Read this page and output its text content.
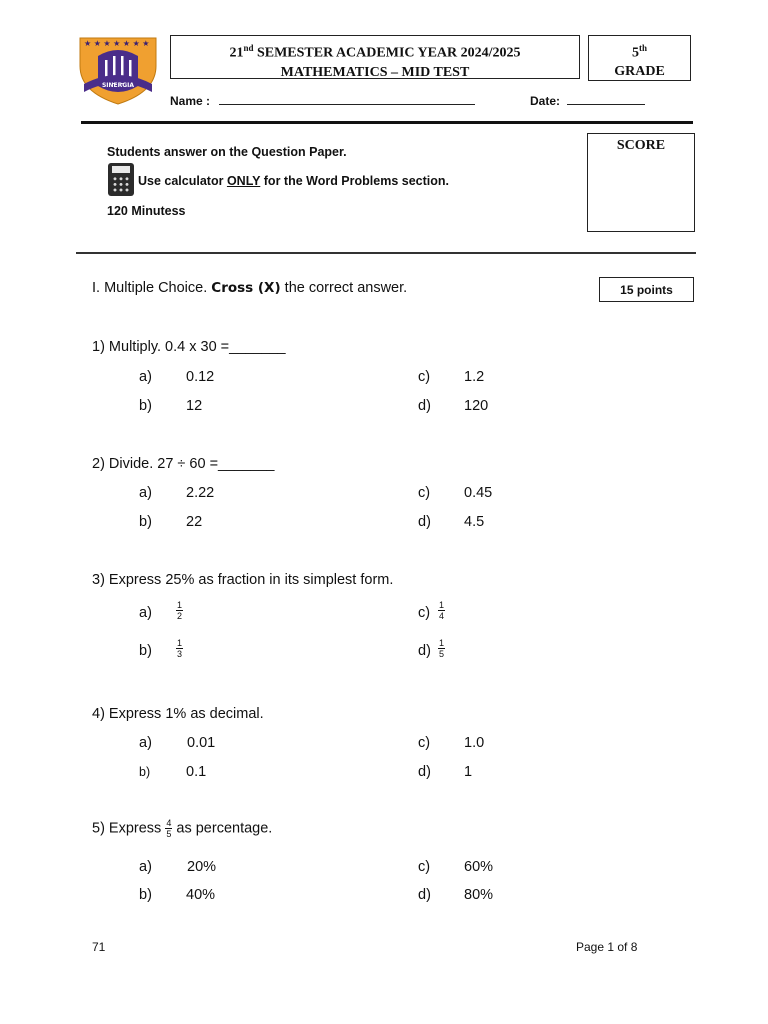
★ ★ ★ ★ ★ ★ ★
SINERGIA
21nd SEMESTER ACADEMIC YEAR 2024/2025
MATHEMATICS – MID TEST
5th
GRADE
Name :	Date:
Students answer on the Question Paper.
Use calculator ONLY for the Word Problems section.
120 Minutess
SCORE
I. Multiple Choice. Cross (X) the correct answer.	15 points
1) Multiply. 0.4 x 30 =_______
a) 0.12	c) 1.2
b) 12	d) 120
2) Divide. 27 ÷ 60 =_______
a) 2.22	c) 0.45
b) 22	d) 4.5
3) Express 25% as fraction in its simplest form.
a)	$\frac{1}{2}$	$c) \frac{1}{4}$
b)	$\frac{1}{3}$	$d) \frac{1}{5}$
4) Express 1% as decimal.
a) 0.01	c) 1.0
b) 0.1	d) 1
5) Express $\frac{4}{5}$ as percentage.
a) 20%	c) 60%
b) 40%	d) 80%
71	Page 1 of 8
